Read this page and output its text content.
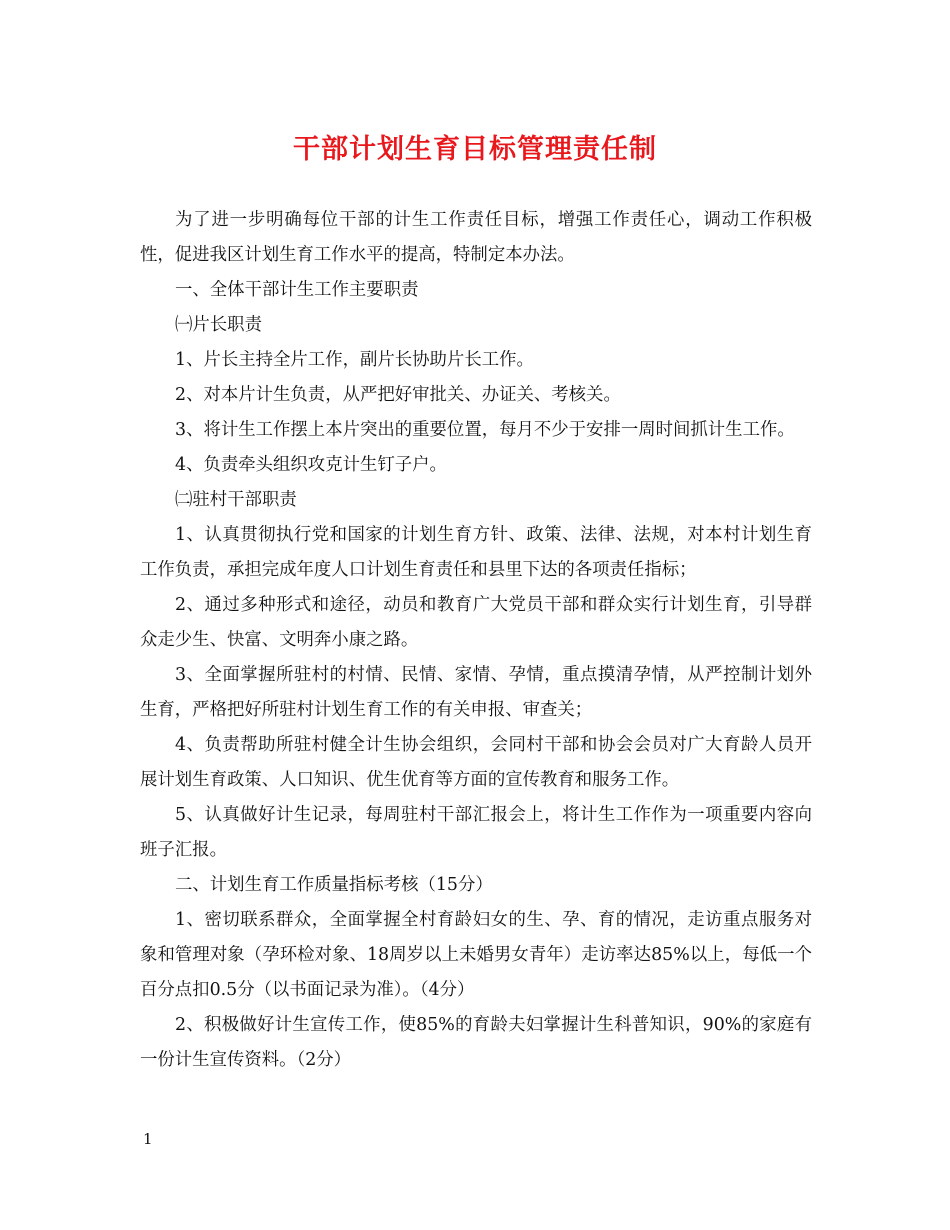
干部计划生育目标管理责任制

为了进一步明确每位干部的计生工作责任目标，增强工作责任心，调动工作积极性，促进我区计划生育工作水平的提高，特制定本办法。

一、全体干部计生工作主要职责

㈠片长职责

1、片长主持全片工作，副片长协助片长工作。

2、对本片计生负责，从严把好审批关、办证关、考核关。

3、将计生工作摆上本片突出的重要位置，每月不少于安排一周时间抓计生工作。

4、负责牵头组织攻克计生钉子户。

㈡驻村干部职责

1、认真贯彻执行党和国家的计划生育方针、政策、法律、法规，对本村计划生育工作负责，承担完成年度人口计划生育责任和县里下达的各项责任指标；

2、通过多种形式和途径，动员和教育广大党员干部和群众实行计划生育，引导群众走少生、快富、文明奔小康之路。

3、全面掌握所驻村的村情、民情、家情、孕情，重点摸清孕情，从严控制计划外生育，严格把好所驻村计划生育工作的有关申报、审查关；

4、负责帮助所驻村健全计生协会组织，会同村干部和协会会员对广大育龄人员开展计划生育政策、人口知识、优生优育等方面的宣传教育和服务工作。

5、认真做好计生记录，每周驻村干部汇报会上，将计生工作作为一项重要内容向班子汇报。

二、计划生育工作质量指标考核（15分）

1、密切联系群众，全面掌握全村育龄妇女的生、孕、育的情况，走访重点服务对象和管理对象（孕环检对象、18周岁以上未婚男女青年）走访率达85%以上，每低一个百分点扣0.5分（以书面记录为准）。（4分）

2、积极做好计生宣传工作，使85%的育龄夫妇掌握计生科普知识，90%的家庭有一份计生宣传资料。（2分）

1
